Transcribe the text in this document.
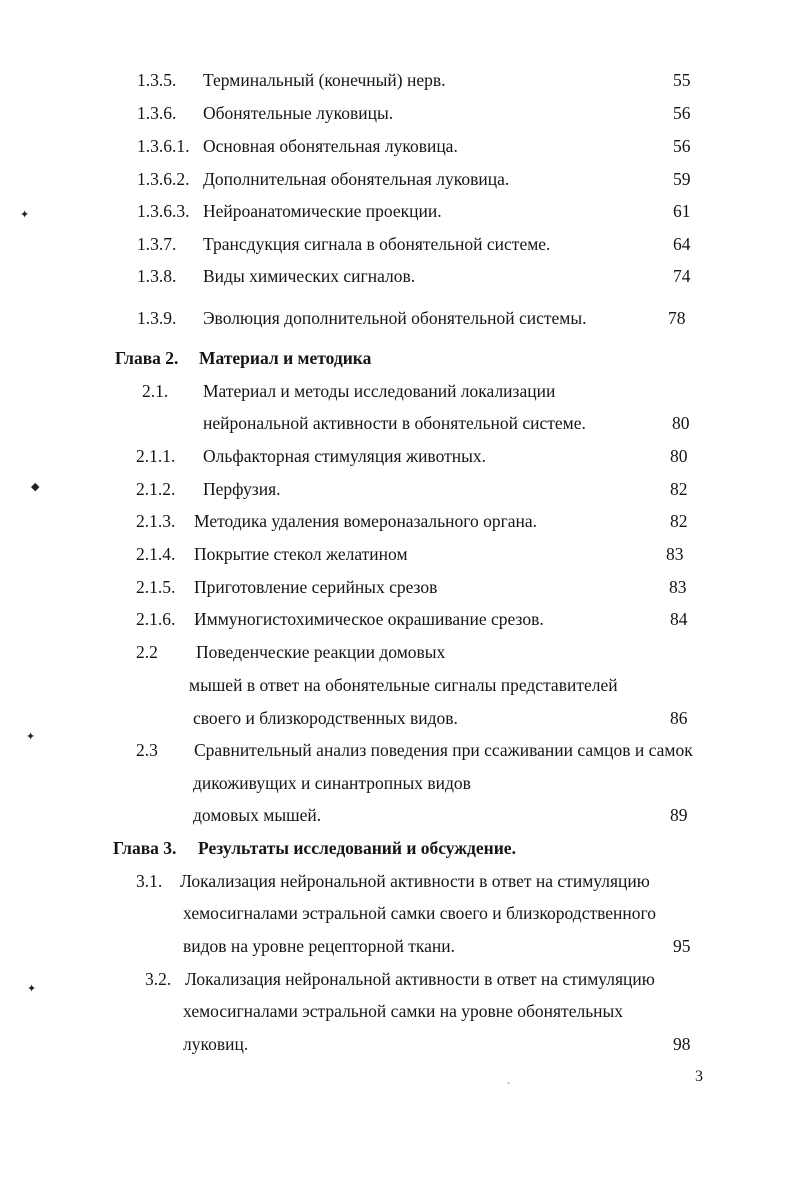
1.3.5. Терминальный (конечный) нерв.	55
1.3.6. Обонятельные луковицы.	56
1.3.6.1. Основная обонятельная луковица.	56
1.3.6.2. Дополнительная обонятельная луковица.	59
1.3.6.3. Нейроанатомические проекции.	61
1.3.7. Трансдукция сигнала в обонятельной системе.	64
1.3.8. Виды химических сигналов.	74
1.3.9. Эволюция дополнительной обонятельной системы.	78
Глава 2. Материал и методика
2.1. Материал и методы исследований локализации
нейрональной активности в обонятельной системе.	80
2.1.1. Ольфакторная стимуляция животных.	80
2.1.2. Перфузия.	82
2.1.3. Методика удаления вомероназального органа.	82
2.1.4. Покрытие стекол желатином	83
2.1.5. Приготовление серийных срезов	83
2.1.6. Иммуногистохимическое окрашивание срезов.	84
2.2 Поведенческие реакции домовых
мышей в ответ на обонятельные сигналы представителей
своего и близкородственных видов.	86
2.3 Сравнительный анализ поведения при ссаживании самцов и самок
дикоживущих и синантропных видов
домовых мышей.	89
Глава 3. Результаты исследований и обсуждение.
3.1. Локализация нейрональной активности в ответ на стимуляцию
хемосигналами эстральной самки своего и близкородственного
видов на уровне рецепторной ткани.	95
3.2. Локализация нейрональной активности в ответ на стимуляцию
хемосигналами эстральной самки на уровне обонятельных
луковиц.	98
3
✦
◆
✦
✦
`
